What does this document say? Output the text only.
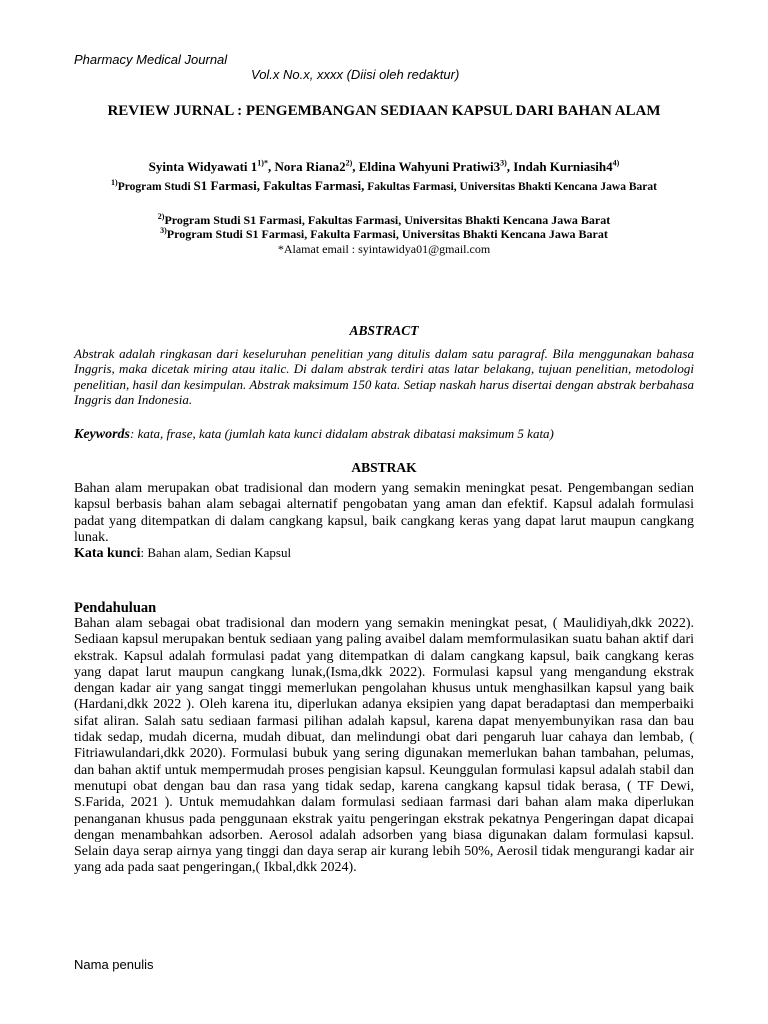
Pharmacy Medical Journal
Vol.x No.x, xxxx (Diisi oleh redaktur)
REVIEW JURNAL : PENGEMBANGAN SEDIAAN KAPSUL DARI BAHAN ALAM
Syinta Widyawati $1^{1)*}$, Nora Riana2$^{2)}$, Eldina Wahyuni Pratiwi3$^{3)}$, Indah Kurniasih4$^{4)}$
$^{1)}$Program Studi S1 Farmasi, Fakultas Farmasi, Fakultas Farmasi, Universitas Bhakti Kencana Jawa Barat
$^{2)}$Program Studi S1 Farmasi, Fakultas Farmasi, Universitas Bhakti Kencana Jawa Barat
$^{3)}$Program Studi S1 Farmasi, Fakulta Farmasi, Universitas Bhakti Kencana Jawa Barat
*Alamat email : syintawidya01@gmail.com
ABSTRACT
Abstrak adalah ringkasan dari keseluruhan penelitian yang ditulis dalam satu paragraf. Bila menggunakan bahasa Inggris, maka dicetak miring atau italic. Di dalam abstrak terdiri atas latar belakang, tujuan penelitian, metodologi penelitian, hasil dan kesimpulan. Abstrak maksimum 150 kata. Setiap naskah harus disertai dengan abstrak berbahasa Inggris dan Indonesia.
Keywords: kata, frase, kata (jumlah kata kunci didalam abstrak dibatasi maksimum 5 kata)
ABSTRAK
Bahan alam merupakan obat tradisional dan modern yang semakin meningkat pesat. Pengembangan sedian kapsul berbasis bahan alam sebagai alternatif pengobatan yang aman dan efektif. Kapsul adalah formulasi padat yang ditempatkan di dalam cangkang kapsul, baik cangkang keras yang dapat larut maupun cangkang lunak.
Kata kunci: Bahan alam, Sedian Kapsul
Pendahuluan
Bahan alam sebagai obat tradisional dan modern yang semakin meningkat pesat, ( Maulidiyah,dkk 2022). Sediaan kapsul merupakan bentuk sediaan yang paling avaibel dalam memformulasikan suatu bahan aktif dari ekstrak. Kapsul adalah formulasi padat yang ditempatkan di dalam cangkang kapsul, baik cangkang keras yang dapat larut maupun cangkang lunak,(Isma,dkk 2022). Formulasi kapsul yang mengandung ekstrak dengan kadar air yang sangat tinggi memerlukan pengolahan khusus untuk menghasilkan kapsul yang baik (Hardani,dkk 2022 ). Oleh karena itu, diperlukan adanya eksipien yang dapat beradaptasi dan memperbaiki sifat aliran. Salah satu sediaan farmasi pilihan adalah kapsul, karena dapat menyembunyikan rasa dan bau tidak sedap, mudah dicerna, mudah dibuat, dan melindungi obat dari pengaruh luar cahaya dan lembab, ( Fitriawulandari,dkk 2020). Formulasi bubuk yang sering digunakan memerlukan bahan tambahan, pelumas, dan bahan aktif untuk mempermudah proses pengisian kapsul. Keunggulan formulasi kapsul adalah stabil dan menutupi obat dengan bau dan rasa yang tidak sedap, karena cangkang kapsul tidak berasa, ( TF Dewi, S.Farida, 2021 ). Untuk memudahkan dalam formulasi sediaan farmasi dari bahan alam maka diperlukan penanganan khusus pada penggunaan ekstrak yaitu pengeringan ekstrak pekatnya Pengeringan dapat dicapai dengan menambahkan adsorben. Aerosol adalah adsorben yang biasa digunakan dalam formulasi kapsul. Selain daya serap airnya yang tinggi dan daya serap air kurang lebih 50%, Aerosil tidak mengurangi kadar air yang ada pada saat pengeringan,( Ikbal,dkk 2024).
Nama penulis
